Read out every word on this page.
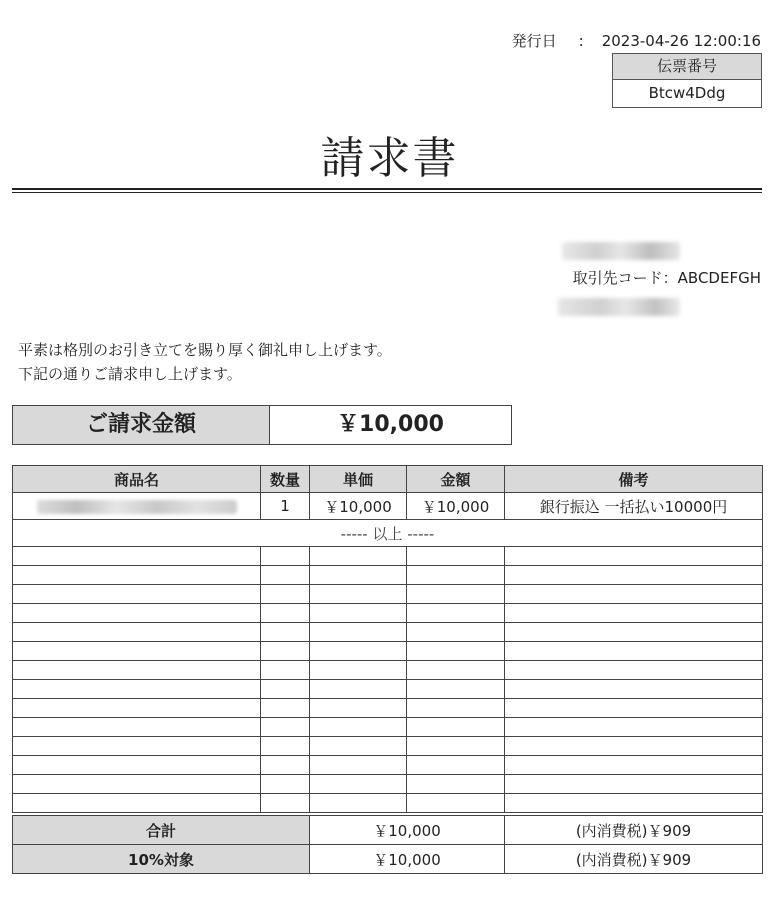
発行日 : 2023-04-26 12:00:16
伝票番号
Btcw4Ddg
請求書
取引先コード：ABCDEFGH
平素は格別のお引き立てを賜り厚く御礼申し上げます。
下記の通りご請求申し上げます。
ご請求金額	￥10,000
商品名	数量	単価	金額	備考
	1	￥10,000	￥10,000	銀行振込 一括払い10000円
----- 以上 -----				

合計	￥10,000	(内消費税)￥909
10%対象	￥10,000	(内消費税)￥909
